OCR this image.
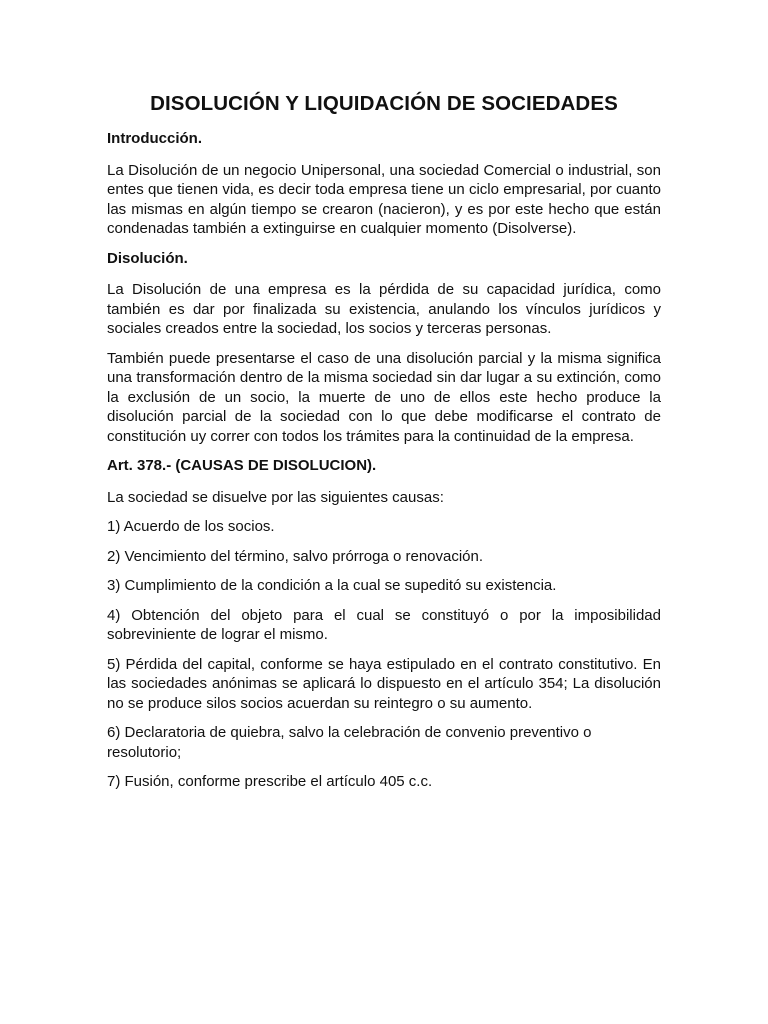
DISOLUCIÓN Y LIQUIDACIÓN DE SOCIEDADES
Introducción.

La Disolución de un negocio Unipersonal, una sociedad Comercial o industrial, son entes que tienen vida, es decir toda empresa tiene un ciclo empresarial, por cuanto las mismas en algún tiempo se crearon (nacieron), y es por este hecho que están condenadas también a extinguirse en cualquier momento (Disolverse).

Disolución.

La Disolución de una empresa es la pérdida de su capacidad jurídica, como también es dar por finalizada su existencia, anulando los vínculos jurídicos y sociales creados entre la sociedad, los socios y terceras personas.

También puede presentarse el caso de una disolución parcial y la misma significa una transformación dentro de la misma sociedad sin dar lugar a su extinción, como la exclusión de un socio, la muerte de uno de ellos este hecho produce la disolución parcial de la sociedad con lo que debe modificarse el contrato de constitución uy correr con todos los trámites para la continuidad de la empresa.

Art. 378.- (CAUSAS DE DISOLUCION).

La sociedad se disuelve por las siguientes causas:

1) Acuerdo de los socios.

2) Vencimiento del término, salvo prórroga o renovación.

3) Cumplimiento de la condición a la cual se supeditó su existencia.

4) Obtención del objeto para el cual se constituyó o por la imposibilidad sobreviniente de lograr el mismo.

5) Pérdida del capital, conforme se haya estipulado en el contrato constitutivo. En las sociedades anónimas se aplicará lo dispuesto en el artículo 354; La disolución no se produce silos socios acuerdan su reintegro o su aumento.

6) Declaratoria de quiebra, salvo la celebración de convenio preventivo o resolutorio;

7) Fusión, conforme prescribe el artículo 405 c.c.
